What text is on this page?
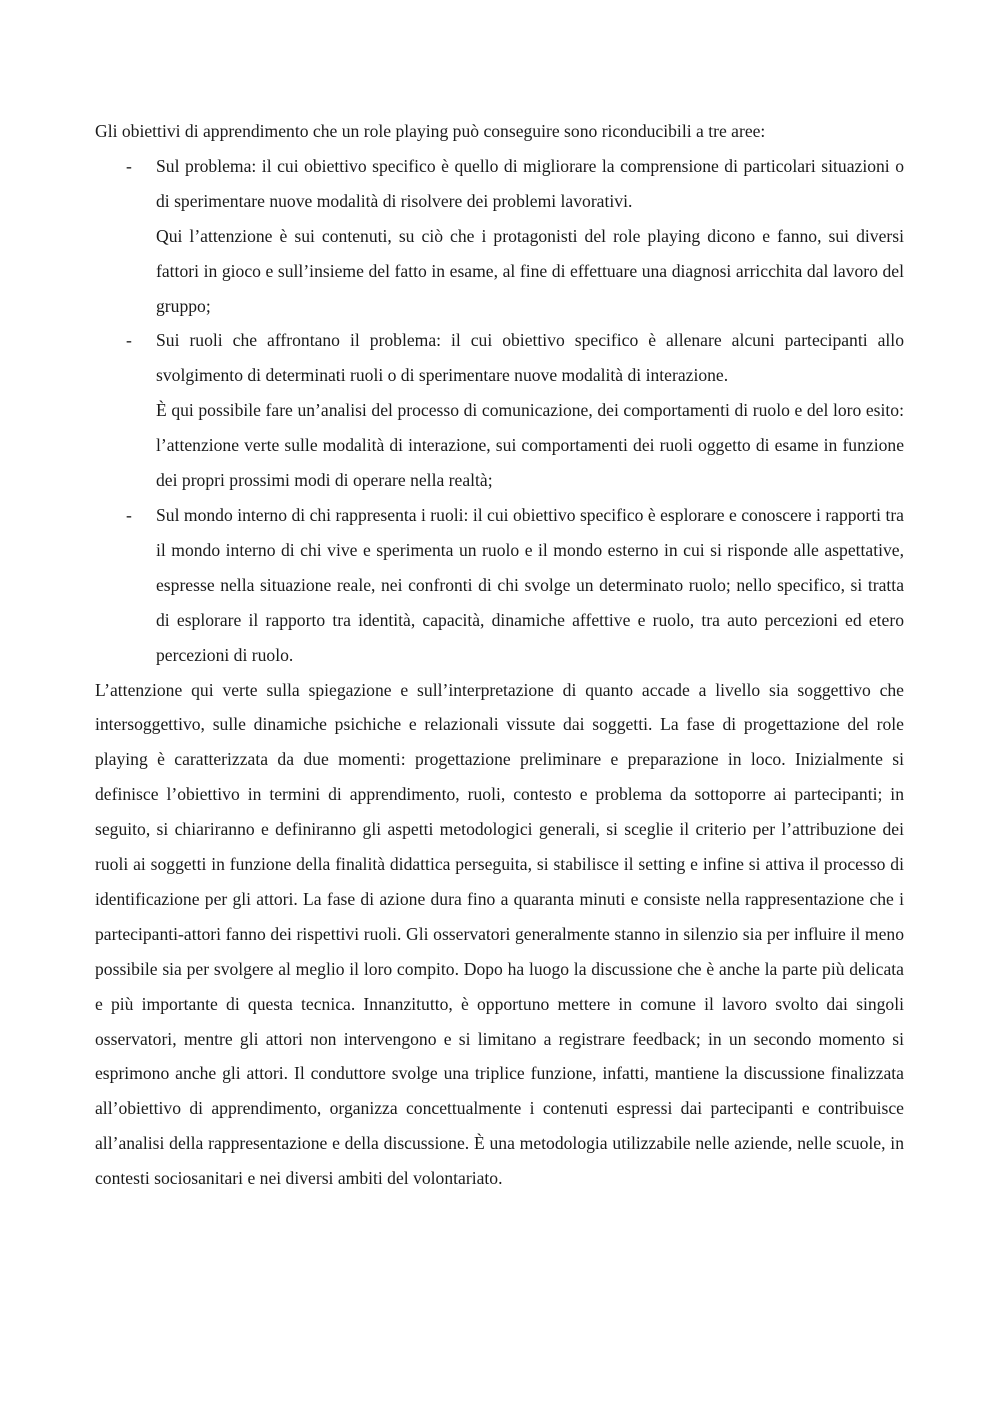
Gli obiettivi di apprendimento che un role playing può conseguire sono riconducibili a tre aree:

- Sul problema: il cui obiettivo specifico è quello di migliorare la comprensione di particolari situazioni o di sperimentare nuove modalità di risolvere dei problemi lavorativi.

Qui l’attenzione è sui contenuti, su ciò che i protagonisti del role playing dicono e fanno, sui diversi fattori in gioco e sull’insieme del fatto in esame, al fine di effettuare una diagnosi arricchita dal lavoro del gruppo;

- Sui ruoli che affrontano il problema: il cui obiettivo specifico è allenare alcuni partecipanti allo svolgimento di determinati ruoli o di sperimentare nuove modalità di interazione.

È qui possibile fare un’analisi del processo di comunicazione, dei comportamenti di ruolo e del loro esito: l’attenzione verte sulle modalità di interazione, sui comportamenti dei ruoli oggetto di esame in funzione dei propri prossimi modi di operare nella realtà;

- Sul mondo interno di chi rappresenta i ruoli: il cui obiettivo specifico è esplorare e conoscere i rapporti tra il mondo interno di chi vive e sperimenta un ruolo e il mondo esterno in cui si risponde alle aspettative, espresse nella situazione reale, nei confronti di chi svolge un determinato ruolo; nello specifico, si tratta di esplorare il rapporto tra identità, capacità, dinamiche affettive e ruolo, tra auto percezioni ed etero percezioni di ruolo.

L’attenzione qui verte sulla spiegazione e sull’interpretazione di quanto accade a livello sia soggettivo che intersoggettivo, sulle dinamiche psichiche e relazionali vissute dai soggetti. La fase di progettazione del role playing è caratterizzata da due momenti: progettazione preliminare e preparazione in loco. Inizialmente si definisce l’obiettivo in termini di apprendimento, ruoli, contesto e problema da sottoporre ai partecipanti; in seguito, si chiariranno e definiranno gli aspetti metodologici generali, si sceglie il criterio per l’attribuzione dei ruoli ai soggetti in funzione della finalità didattica perseguita, si stabilisce il setting e infine si attiva il processo di identificazione per gli attori. La fase di azione dura fino a quaranta minuti e consiste nella rappresentazione che i partecipanti-attori fanno dei rispettivi ruoli. Gli osservatori generalmente stanno in silenzio sia per influire il meno possibile sia per svolgere al meglio il loro compito. Dopo ha luogo la discussione che è anche la parte più delicata e più importante di questa tecnica. Innanzitutto, è opportuno mettere in comune il lavoro svolto dai singoli osservatori, mentre gli attori non intervengono e si limitano a registrare feedback; in un secondo momento si esprimono anche gli attori. Il conduttore svolge una triplice funzione, infatti, mantiene la discussione finalizzata all’obiettivo di apprendimento, organizza concettualmente i contenuti espressi dai partecipanti e contribuisce all’analisi della rappresentazione e della discussione. È una metodologia utilizzabile nelle aziende, nelle scuole, in contesti sociosanitari e nei diversi ambiti del volontariato.
